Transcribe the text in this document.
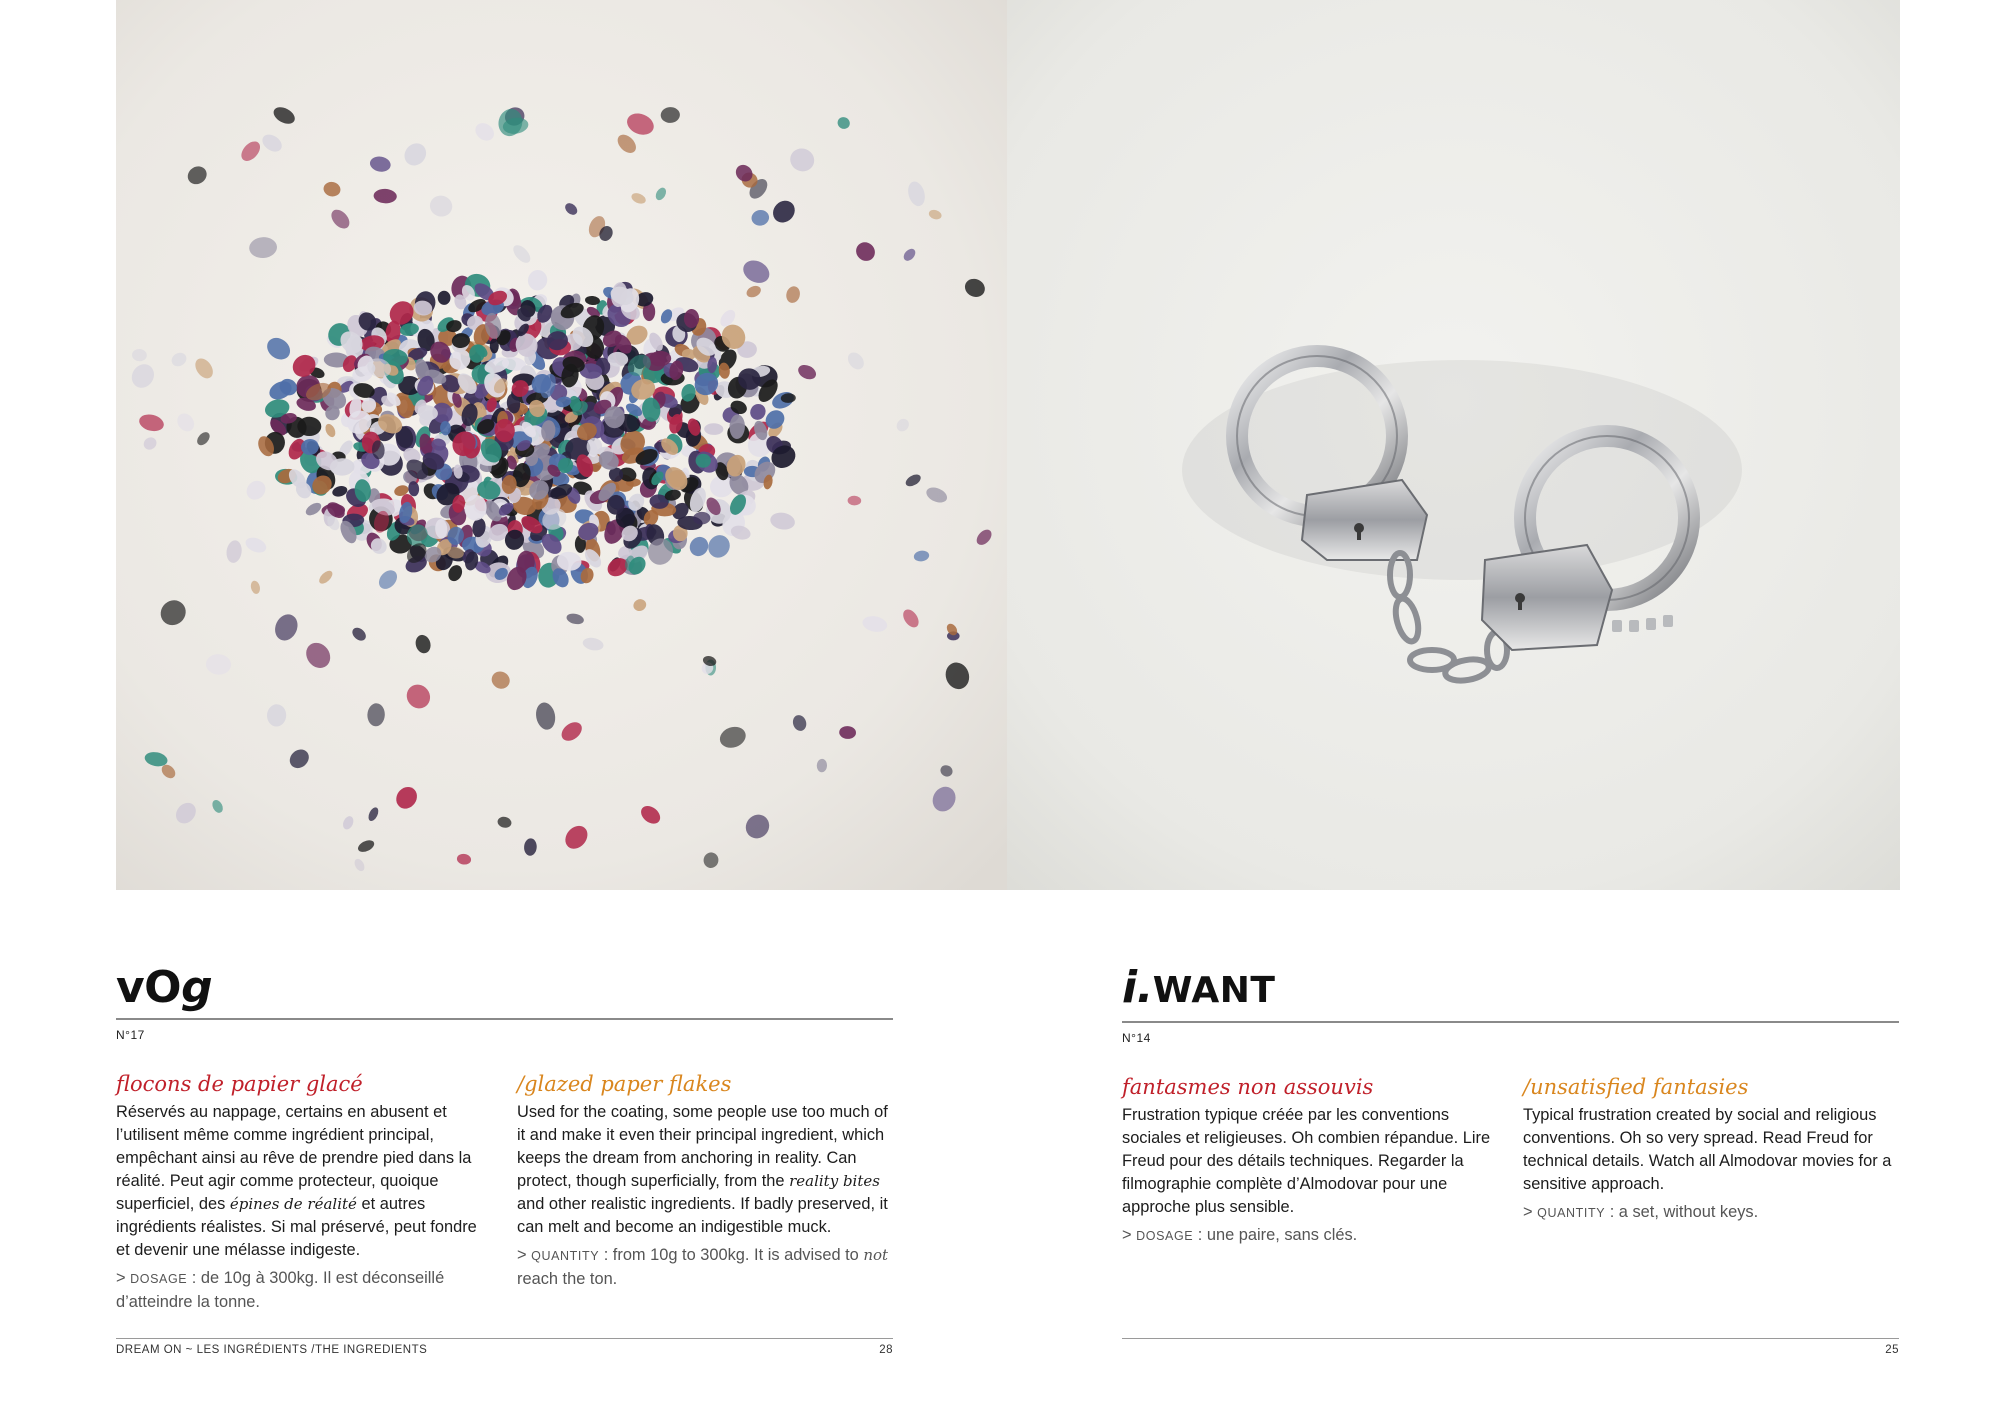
vOg
N°17
flocons de papier glacé
Réservés au nappage, certains en abusent et l’utilisent même comme ingrédient principal, empêchant ainsi au rêve de prendre pied dans la réalité. Peut agir comme protecteur, quoique superficiel, des épines de réalité et autres ingrédients réalistes. Si mal préservé, peut fondre et devenir une mélasse indigeste.
> DOSAGE : de 10g à 300kg. Il est déconseillé d’atteindre la tonne.
/glazed paper flakes
Used for the coating, some people use too much of it and make it even their principal ingredient, which keeps the dream from anchoring in reality. Can protect, though superficially, from the reality bites and other realistic ingredients. If badly preserved, it can melt and become an indigestible muck.
> QUANTITY : from 10g to 300kg. It is advised to not reach the ton.
i.WANT
N°14
fantasmes non assouvis
Frustration typique créée par les conventions sociales et religieuses. Oh combien répandue. Lire Freud pour des détails techniques. Regarder la filmographie complète d’Almodovar pour une approche plus sensible.
> DOSAGE : une paire, sans clés.
/unsatisfied fantasies
Typical frustration created by social and religious conventions. Oh so very spread. Read Freud for technical details. Watch all Almodovar movies for a sensitive approach.
> QUANTITY : a set, without keys.
DREAM ON ~ LES INGRÉDIENTS /THE INGREDIENTS	28	25
